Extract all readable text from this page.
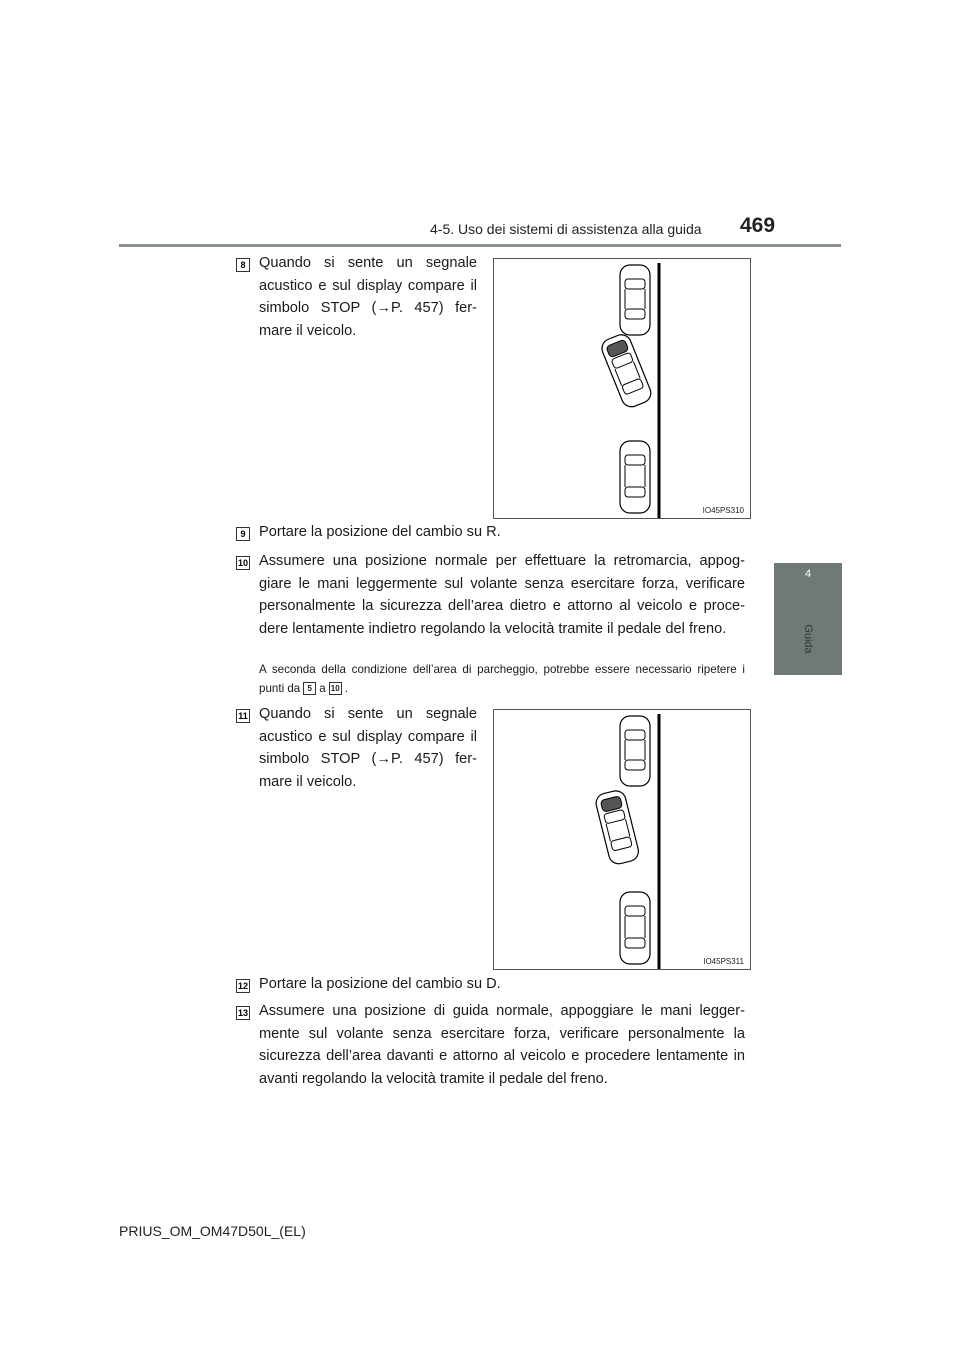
4-5. Uso dei sistemi di assistenza alla guida 469
4
Guida
8 Quando si sente un segnale acustico e sul display compare il simbolo STOP (→P. 457) fer- mare il veicolo.
IO45PS310
9 Portare la posizione del cambio su R.
10 Assumere una posizione normale per effettuare la retromarcia, appog- giare le mani leggermente sul volante senza esercitare forza, verificare personalmente la sicurezza dell’area dietro e attorno al veicolo e proce- dere lentamente indietro regolando la velocità tramite il pedale del freno.
A seconda della condizione dell’area di parcheggio, potrebbe essere necessario ripetere i punti da 5 a 10 .
11 Quando si sente un segnale acustico e sul display compare il simbolo STOP (→P. 457) fer- mare il veicolo.
IO45PS311
12 Portare la posizione del cambio su D.
13 Assumere una posizione di guida normale, appoggiare le mani legger- mente sul volante senza esercitare forza, verificare personalmente la sicurezza dell’area davanti e attorno al veicolo e procedere lentamente in avanti regolando la velocità tramite il pedale del freno.
PRIUS_OM_OM47D50L_(EL)
